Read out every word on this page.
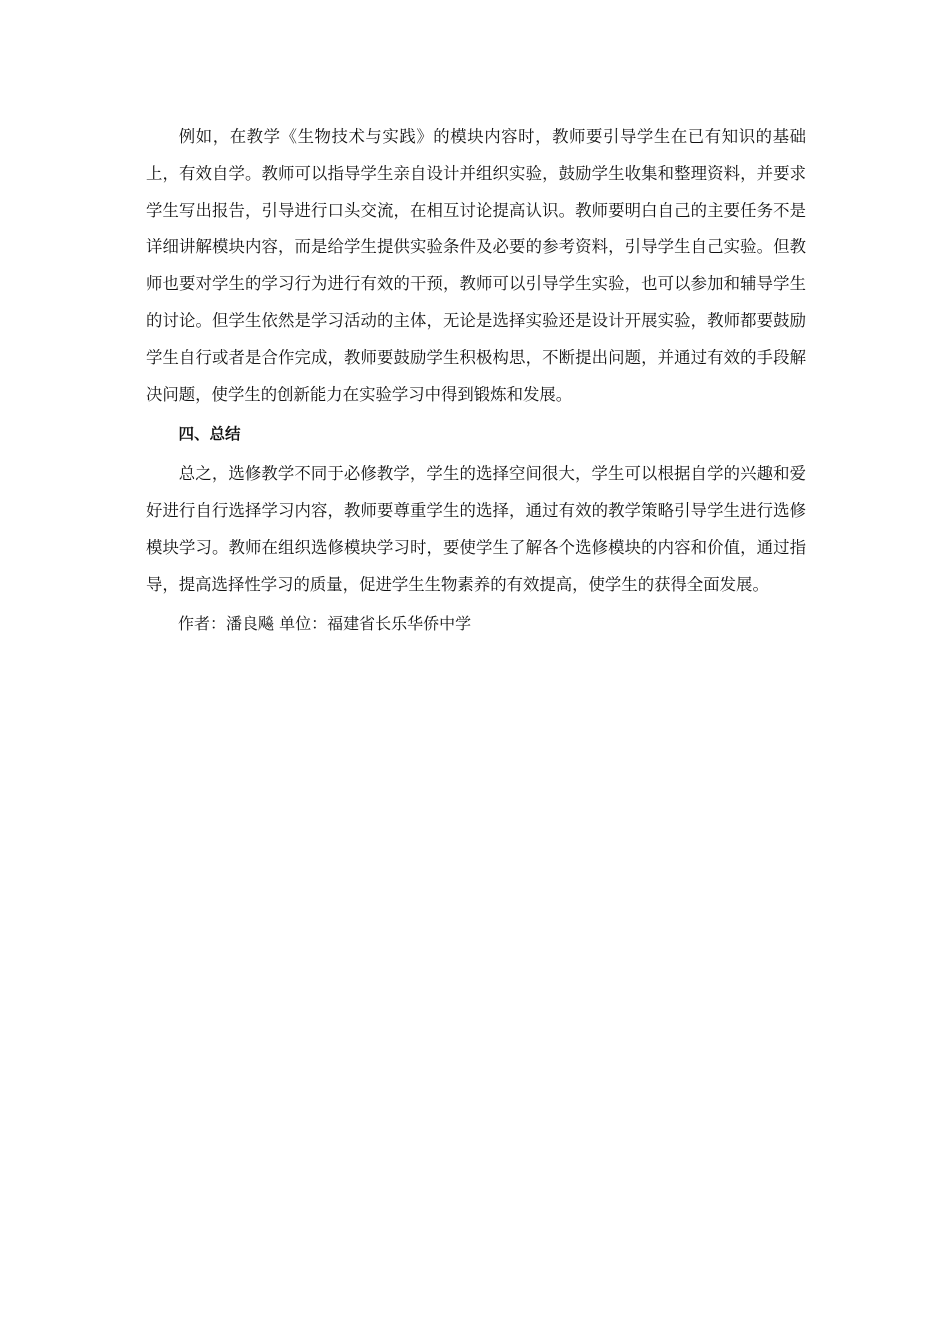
例如，在教学《生物技术与实践》的模块内容时，教师要引导学生在已有知识的基础上，有效自学。教师可以指导学生亲自设计并组织实验，鼓励学生收集和整理资料，并要求学生写出报告，引导进行口头交流，在相互讨论提高认识。教师要明白自己的主要任务不是详细讲解模块内容，而是给学生提供实验条件及必要的参考资料，引导学生自己实验。但教师也要对学生的学习行为进行有效的干预，教师可以引导学生实验，也可以参加和辅导学生的讨论。但学生依然是学习活动的主体，无论是选择实验还是设计开展实验，教师都要鼓励学生自行或者是合作完成，教师要鼓励学生积极构思，不断提出问题，并通过有效的手段解决问题，使学生的创新能力在实验学习中得到锻炼和发展。

四、总结

总之，选修教学不同于必修教学，学生的选择空间很大，学生可以根据自学的兴趣和爱好进行自行选择学习内容，教师要尊重学生的选择，通过有效的教学策略引导学生进行选修模块学习。教师在组织选修模块学习时，要使学生了解各个选修模块的内容和价值，通过指导，提高选择性学习的质量，促进学生生物素养的有效提高，使学生的获得全面发展。

作者：潘良飚 单位：福建省长乐华侨中学
